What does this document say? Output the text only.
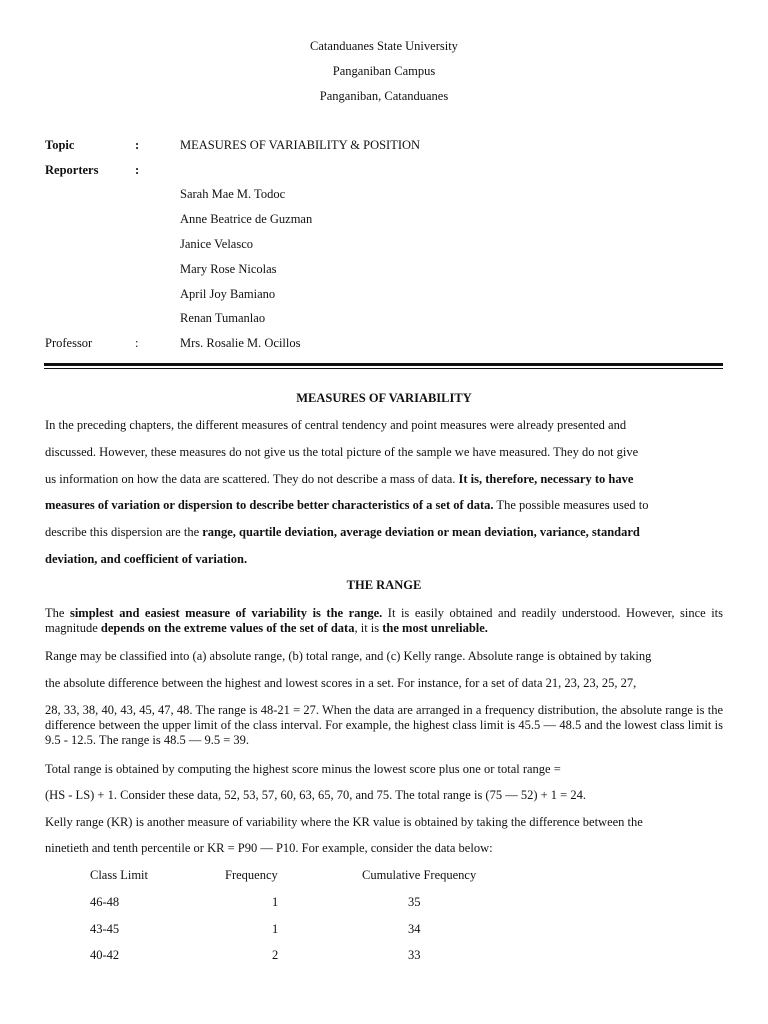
Catanduanes State University
Panganiban Campus
Panganiban, Catanduanes
Topic	:	MEASURES OF VARIABILITY & POSITION
Reporters	:
Sarah Mae M. Todoc
Anne Beatrice de Guzman
Janice Velasco
Mary Rose Nicolas
April Joy Bamiano
Renan Tumanlao
Professor	:	Mrs. Rosalie M. Ocillos
MEASURES OF VARIABILITY
In the preceding chapters, the different measures of central tendency and point measures were already presented and
discussed. However, these measures do not give us the total picture of the sample we have measured. They do not give
us information on how the data are scattered. They do not describe a mass of data. It is, therefore, necessary to have
measures of variation or dispersion to describe better characteristics of a set of data. The possible measures used to
describe this dispersion are the range, quartile deviation, average deviation or mean deviation, variance, standard
deviation, and coefficient of variation.
THE RANGE
The simplest and easiest measure of variability is the range. It is easily obtained and readily understood. However, since its magnitude depends on the extreme values of the set of data, it is the most unreliable.
Range may be classified into (a) absolute range, (b) total range, and (c) Kelly range. Absolute range is obtained by taking
the absolute difference between the highest and lowest scores in a set. For instance, for a set of data 21, 23, 23, 25, 27,
28, 33, 38, 40, 43, 45, 47, 48. The range is 48-21 = 27. When the data are arranged in a frequency distribution, the absolute range is the difference between the upper limit of the class interval. For example, the highest class limit is 45.5 — 48.5 and the lowest class limit is 9.5 - 12.5. The range is 48.5 — 9.5 = 39.
Total range is obtained by computing the highest score minus the lowest score plus one or total range =
(HS - LS) + 1. Consider these data, 52, 53, 57, 60, 63, 65, 70, and 75. The total range is (75 — 52) + 1 = 24.
Kelly range (KR) is another measure of variability where the KR value is obtained by taking the difference between the
ninetieth and tenth percentile or KR = P90 — P10. For example, consider the data below:
Class Limit	Frequency	Cumulative Frequency
46-48	1	35
43-45	1	34
40-42	2	33
